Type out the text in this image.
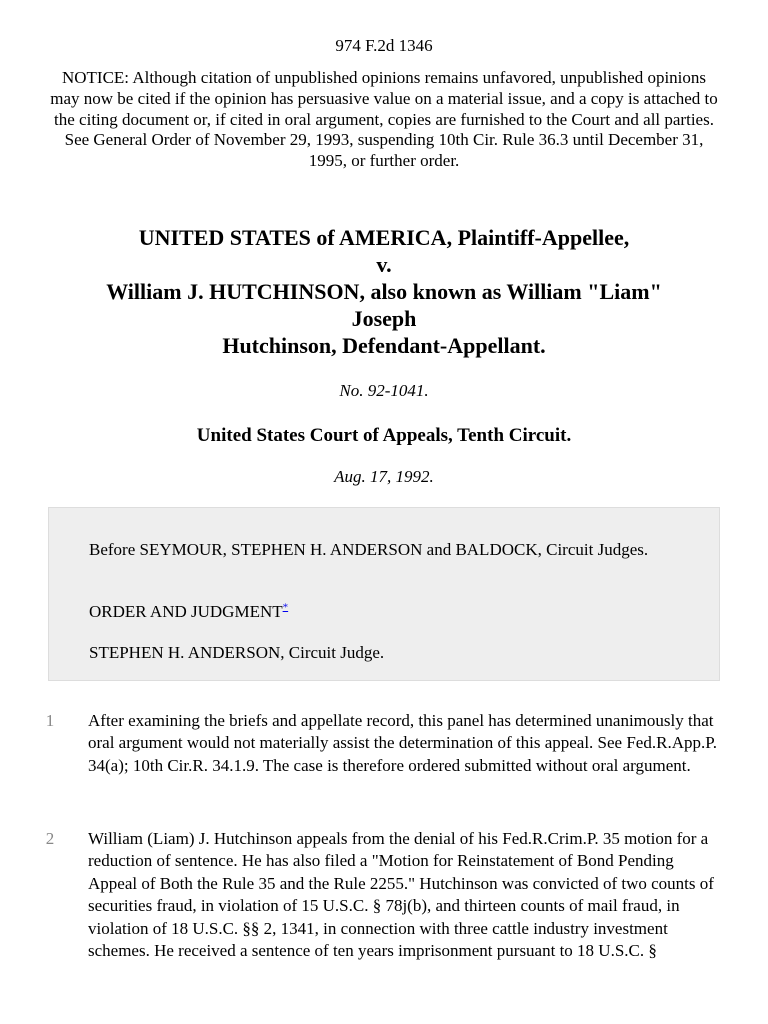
974 F.2d 1346
NOTICE: Although citation of unpublished opinions remains unfavored, unpublished opinions may now be cited if the opinion has persuasive value on a material issue, and a copy is attached to the citing document or, if cited in oral argument, copies are furnished to the Court and all parties. See General Order of November 29, 1993, suspending 10th Cir. Rule 36.3 until December 31, 1995, or further order.
UNITED STATES of AMERICA, Plaintiff-Appellee,
v.
William J. HUTCHINSON, also known as William "Liam"
Joseph
Hutchinson, Defendant-Appellant.
No. 92-1041.
United States Court of Appeals, Tenth Circuit.
Aug. 17, 1992.

Before SEYMOUR, STEPHEN H. ANDERSON and BALDOCK, Circuit Judges.

ORDER AND JUDGMENT*

STEPHEN H. ANDERSON, Circuit Judge.

1	After examining the briefs and appellate record, this panel has determined unanimously that oral argument would not materially assist the determination of this appeal. See Fed.R.App.P. 34(a); 10th Cir.R. 34.1.9. The case is therefore ordered submitted without oral argument.

2	William (Liam) J. Hutchinson appeals from the denial of his Fed.R.Crim.P. 35 motion for a reduction of sentence. He has also filed a "Motion for Reinstatement of Bond Pending Appeal of Both the Rule 35 and the Rule 2255." Hutchinson was convicted of two counts of securities fraud, in violation of 15 U.S.C. § 78j(b), and thirteen counts of mail fraud, in violation of 18 U.S.C. §§ 2, 1341, in connection with three cattle industry investment schemes. He received a sentence of ten years imprisonment pursuant to 18 U.S.C. §
